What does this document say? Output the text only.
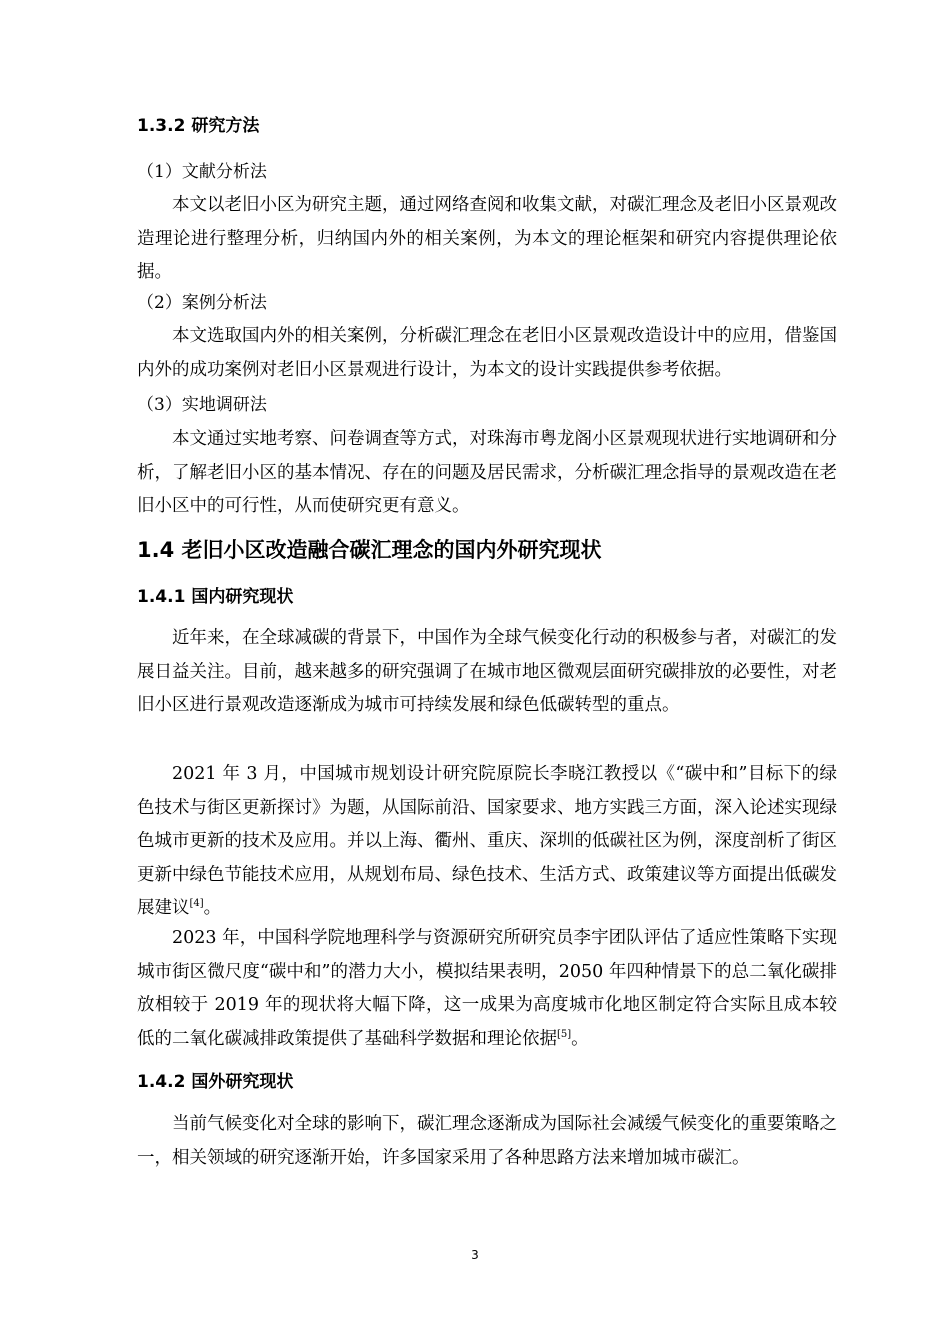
1.3.2 研究方法
（1）文献分析法

本文以老旧小区为研究主题，通过网络查阅和收集文献，对碳汇理念及老旧小区景观改造理论进行整理分析，归纳国内外的相关案例，为本文的理论框架和研究内容提供理论依据。

（2）案例分析法

本文选取国内外的相关案例，分析碳汇理念在老旧小区景观改造设计中的应用，借鉴国内外的成功案例对老旧小区景观进行设计，为本文的设计实践提供参考依据。

（3）实地调研法

本文通过实地考察、问卷调查等方式，对珠海市粤龙阁小区景观现状进行实地调研和分析，了解老旧小区的基本情况、存在的问题及居民需求，分析碳汇理念指导的景观改造在老旧小区中的可行性，从而使研究更有意义。

1.4 老旧小区改造融合碳汇理念的国内外研究现状
1.4.1 国内研究现状

近年来，在全球减碳的背景下，中国作为全球气候变化行动的积极参与者，对碳汇的发展日益关注。目前，越来越多的研究强调了在城市地区微观层面研究碳排放的必要性，对老旧小区进行景观改造逐渐成为城市可持续发展和绿色低碳转型的重点。

2021 年 3 月，中国城市规划设计研究院原院长李晓江教授以《“碳中和”目标下的绿色技术与街区更新探讨》为题，从国际前沿、国家要求、地方实践三方面，深入论述实现绿色城市更新的技术及应用。并以上海、衢州、重庆、深圳的低碳社区为例，深度剖析了街区更新中绿色节能技术应用，从规划布局、绿色技术、生活方式、政策建议等方面提出低碳发展建议[4]。

2023 年，中国科学院地理科学与资源研究所研究员李宇团队评估了适应性策略下实现城市街区微尺度“碳中和”的潜力大小，模拟结果表明，2050 年四种情景下的总二氧化碳排放相较于 2019 年的现状将大幅下降，这一成果为高度城市化地区制定符合实际且成本较低的二氧化碳减排政策提供了基础科学数据和理论依据[5]。

1.4.2 国外研究现状

当前气候变化对全球的影响下，碳汇理念逐渐成为国际社会减缓气候变化的重要策略之一，相关领域的研究逐渐开始，许多国家采用了各种思路方法来增加城市碳汇。

3
